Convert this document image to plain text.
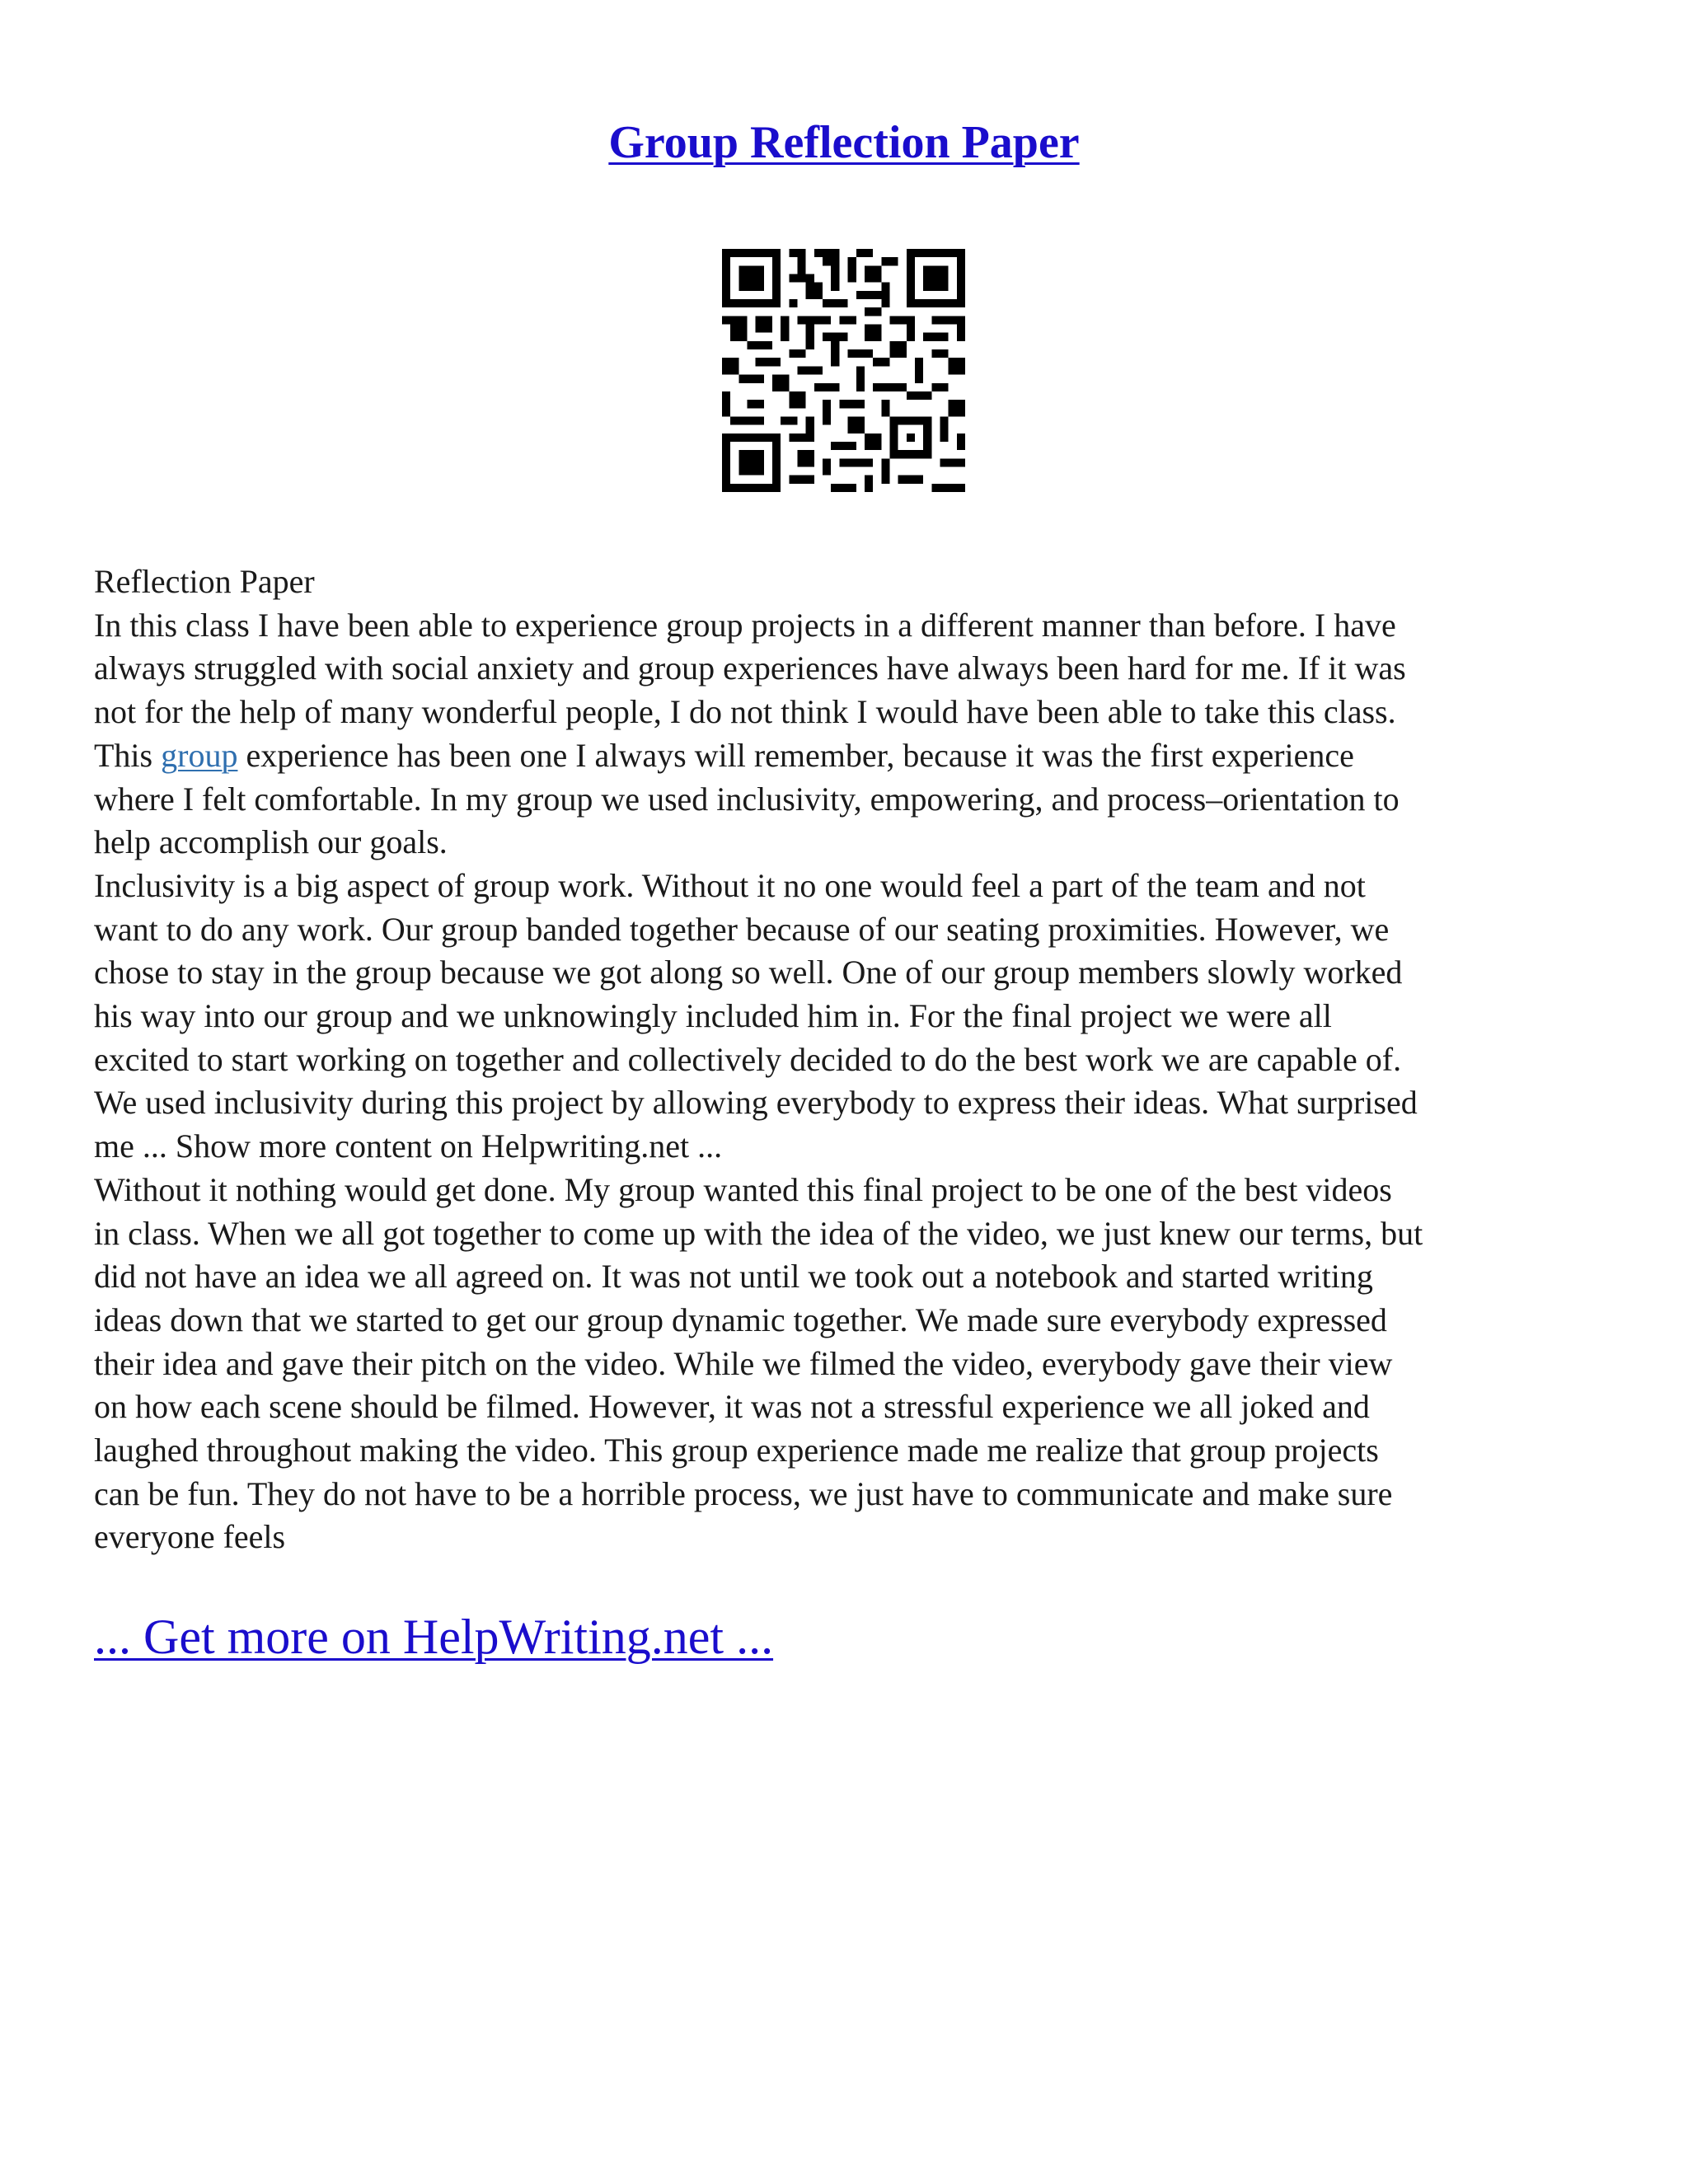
Group Reflection Paper
Reflection Paper
In this class I have been able to experience group projects in a different manner than before. I have
always struggled with social anxiety and group experiences have always been hard for me. If it was
not for the help of many wonderful people, I do not think I would have been able to take this class.
This group experience has been one I always will remember, because it was the first experience
where I felt comfortable. In my group we used inclusivity, empowering, and process–orientation to
help accomplish our goals.
Inclusivity is a big aspect of group work. Without it no one would feel a part of the team and not
want to do any work. Our group banded together because of our seating proximities. However, we
chose to stay in the group because we got along so well. One of our group members slowly worked
his way into our group and we unknowingly included him in. For the final project we were all
excited to start working on together and collectively decided to do the best work we are capable of.
We used inclusivity during this project by allowing everybody to express their ideas. What surprised
me ... Show more content on Helpwriting.net ...
Without it nothing would get done. My group wanted this final project to be one of the best videos
in class. When we all got together to come up with the idea of the video, we just knew our terms, but
did not have an idea we all agreed on. It was not until we took out a notebook and started writing
ideas down that we started to get our group dynamic together. We made sure everybody expressed
their idea and gave their pitch on the video. While we filmed the video, everybody gave their view
on how each scene should be filmed. However, it was not a stressful experience we all joked and
laughed throughout making the video. This group experience made me realize that group projects
can be fun. They do not have to be a horrible process, we just have to communicate and make sure
everyone feels
... Get more on HelpWriting.net ...
